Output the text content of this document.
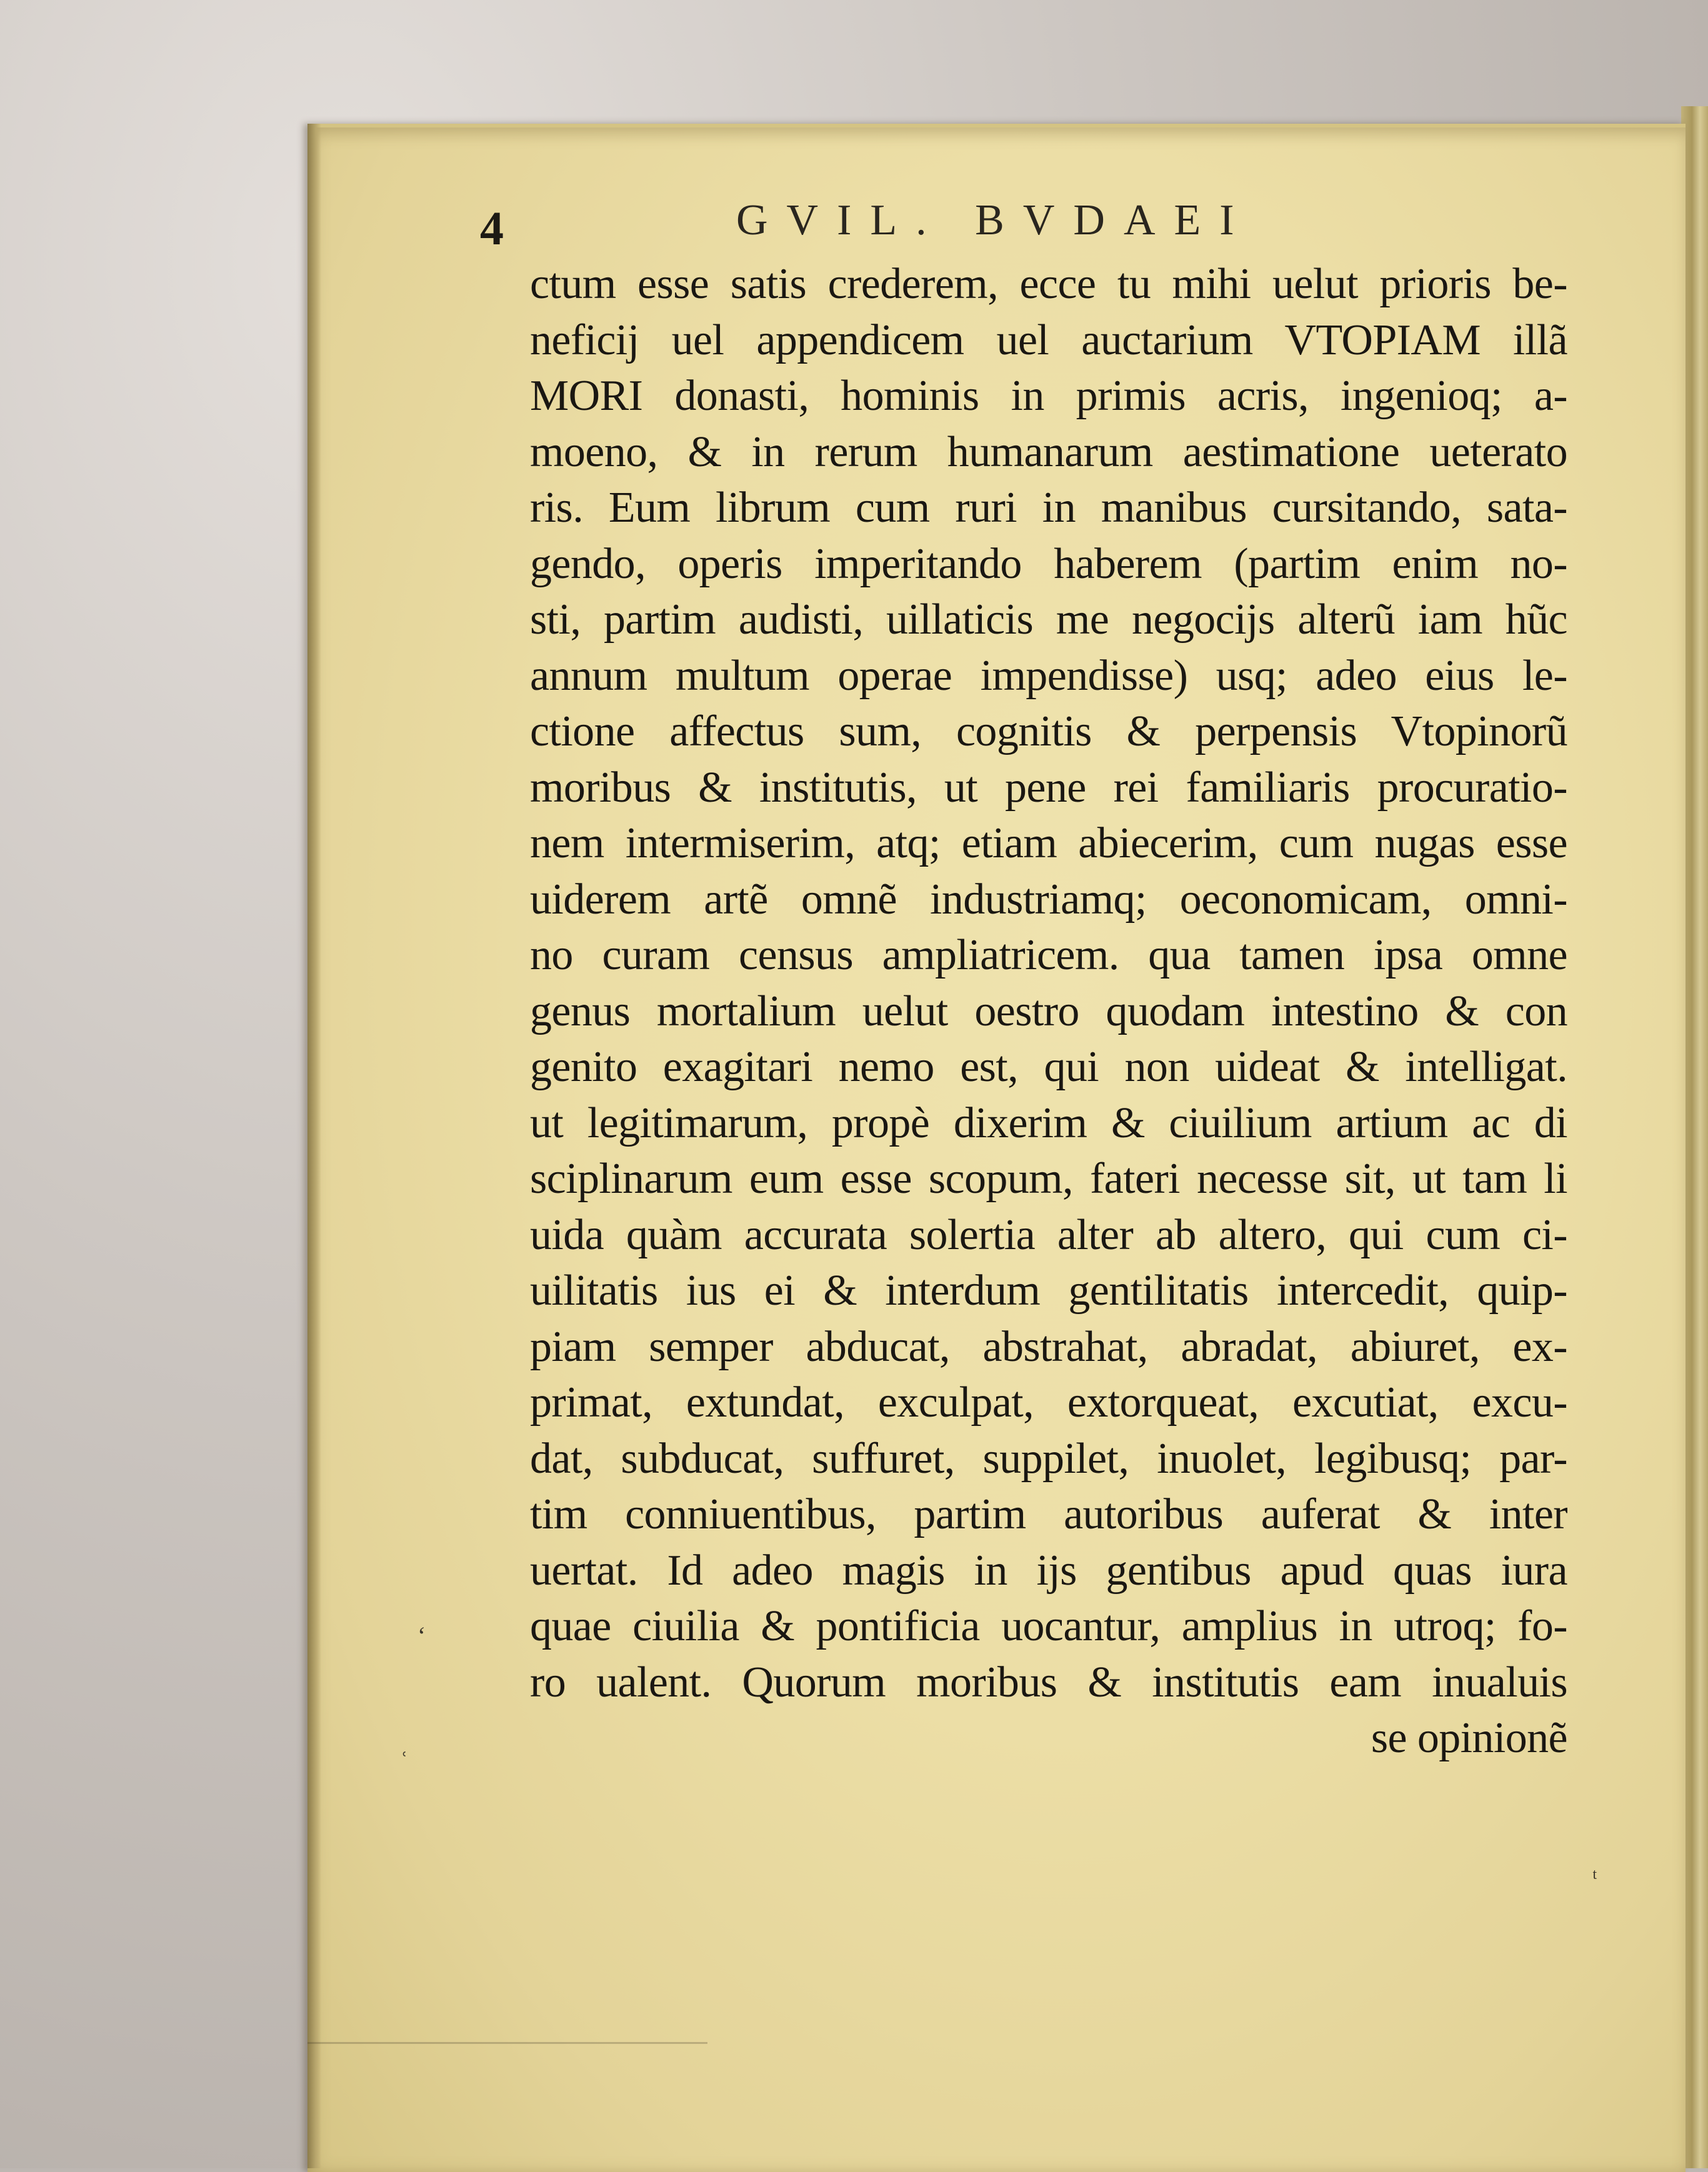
4	GVIL. BVDAEI
ctum esse satis crederem, ecce tu mihi uelut prioris be-
neficij uel appendicem uel auctarium VTOPIAM illã
MORI donasti, hominis in primis acris, ingenioq; a-
moeno, & in rerum humanarum aestimatione ueterato
ris. Eum librum cum ruri in manibus cursitando, sata-
gendo, operis imperitando haberem (partim enim no-
sti, partim audisti, uillaticis me negocijs alterũ iam hũc
annum multum operae impendisse) usq; adeo eius le-
ctione affectus sum, cognitis & perpensis Vtopinorũ
moribus & institutis, ut pene rei familiaris procuratio-
nem intermiserim, atq; etiam abiecerim, cum nugas esse
uiderem artẽ omnẽ industriamq; oeconomicam, omni-
no curam census ampliatricem. qua tamen ipsa omne
genus mortalium uelut oestro quodam intestino & con
genito exagitari nemo est, qui non uideat & intelligat.
ut legitimarum, propè dixerim & ciuilium artium ac di
sciplinarum eum esse scopum, fateri necesse sit, ut tam li
uida quàm accurata solertia alter ab altero, qui cum ci-
uilitatis ius ei & interdum gentilitatis intercedit, quip-
piam semper abducat, abstrahat, abradat, abiuret, ex-
primat, extundat, exculpat, extorqueat, excutiat, excu-
dat, subducat, suffuret, suppilet, inuolet, legibusq; par-
tim conniuentibus, partim autoribus auferat & inter
uertat. Id adeo magis in ijs gentibus apud quas iura
quae ciuilia & pontificia uocantur, amplius in utroq; fo-
ro ualent. Quorum moribus & institutis eam inualuis
se opinionẽ
ʻ
˓
ᵗ
